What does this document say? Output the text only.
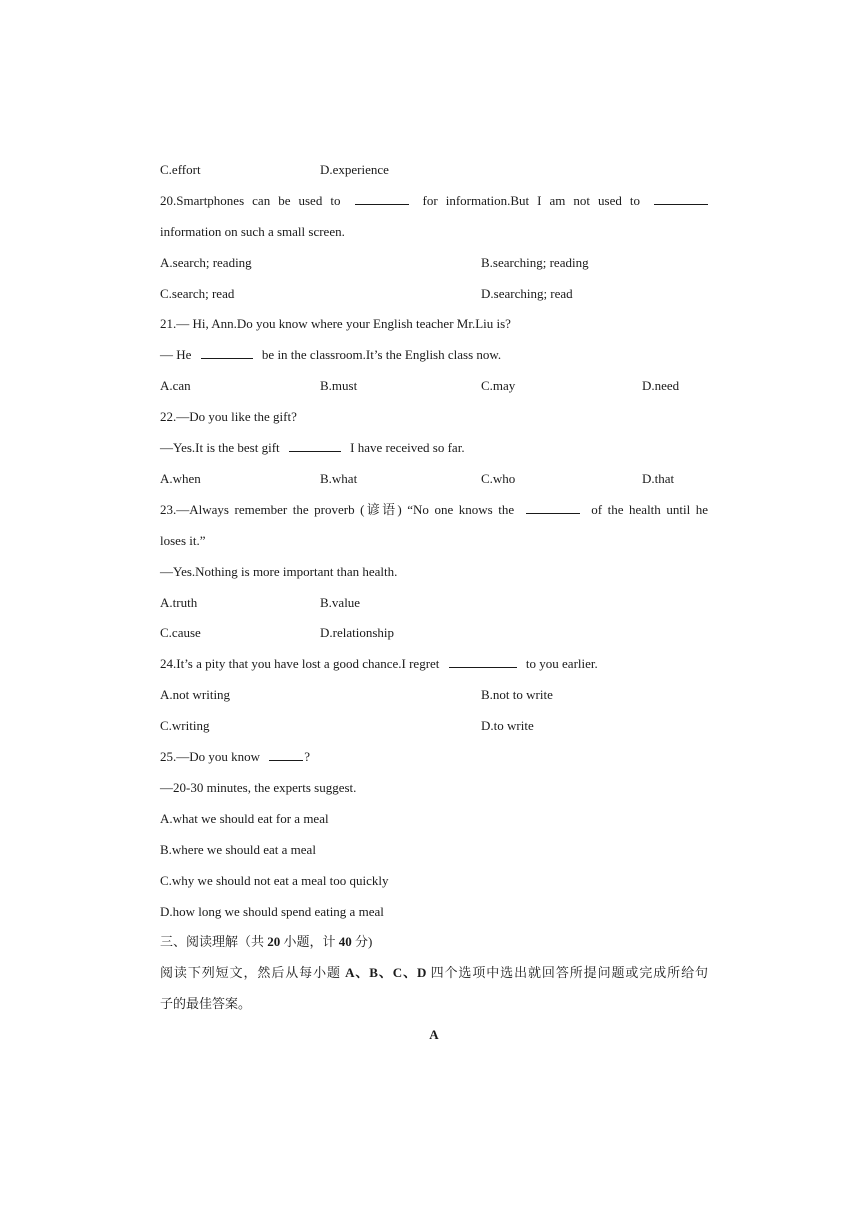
C.effort	D.experience
20.Smartphones can be used to	for information.But I am not used to
information on such a small screen.
A.search; reading	B.searching; reading
C.search; read	D.searching; read
21.— Hi, Ann.Do you know where your English teacher Mr.Liu is?
— He	be in the classroom.It’s the English class now.
A.can	B.must	C.may	D.need
22.—Do you like the gift?
—Yes.It is the best gift	I have received so far.
A.when	B.what	C.who	D.that
23.—Always remember the proverb (谚语) “No one knows the	of the health until he
loses it.”
—Yes.Nothing is more important than health.
A.truth	B.value
C.cause	D.relationship
24.It’s a pity that you have lost a good chance.I regret	to you earlier.
A.not writing	B.not to write
C.writing	D.to write
25.—Do you know	?
—20-30 minutes, the experts suggest.
A.what we should eat for a meal
B.where we should eat a meal
C.why we should not eat a meal too quickly
D.how long we should spend eating a meal
三、阅读理解（共 20 小题，计 40 分)
阅读下列短文，然后从每小题 A、B、C、D 四个选项中选出就回答所提问题或完成所给句
子的最佳答案。
A
